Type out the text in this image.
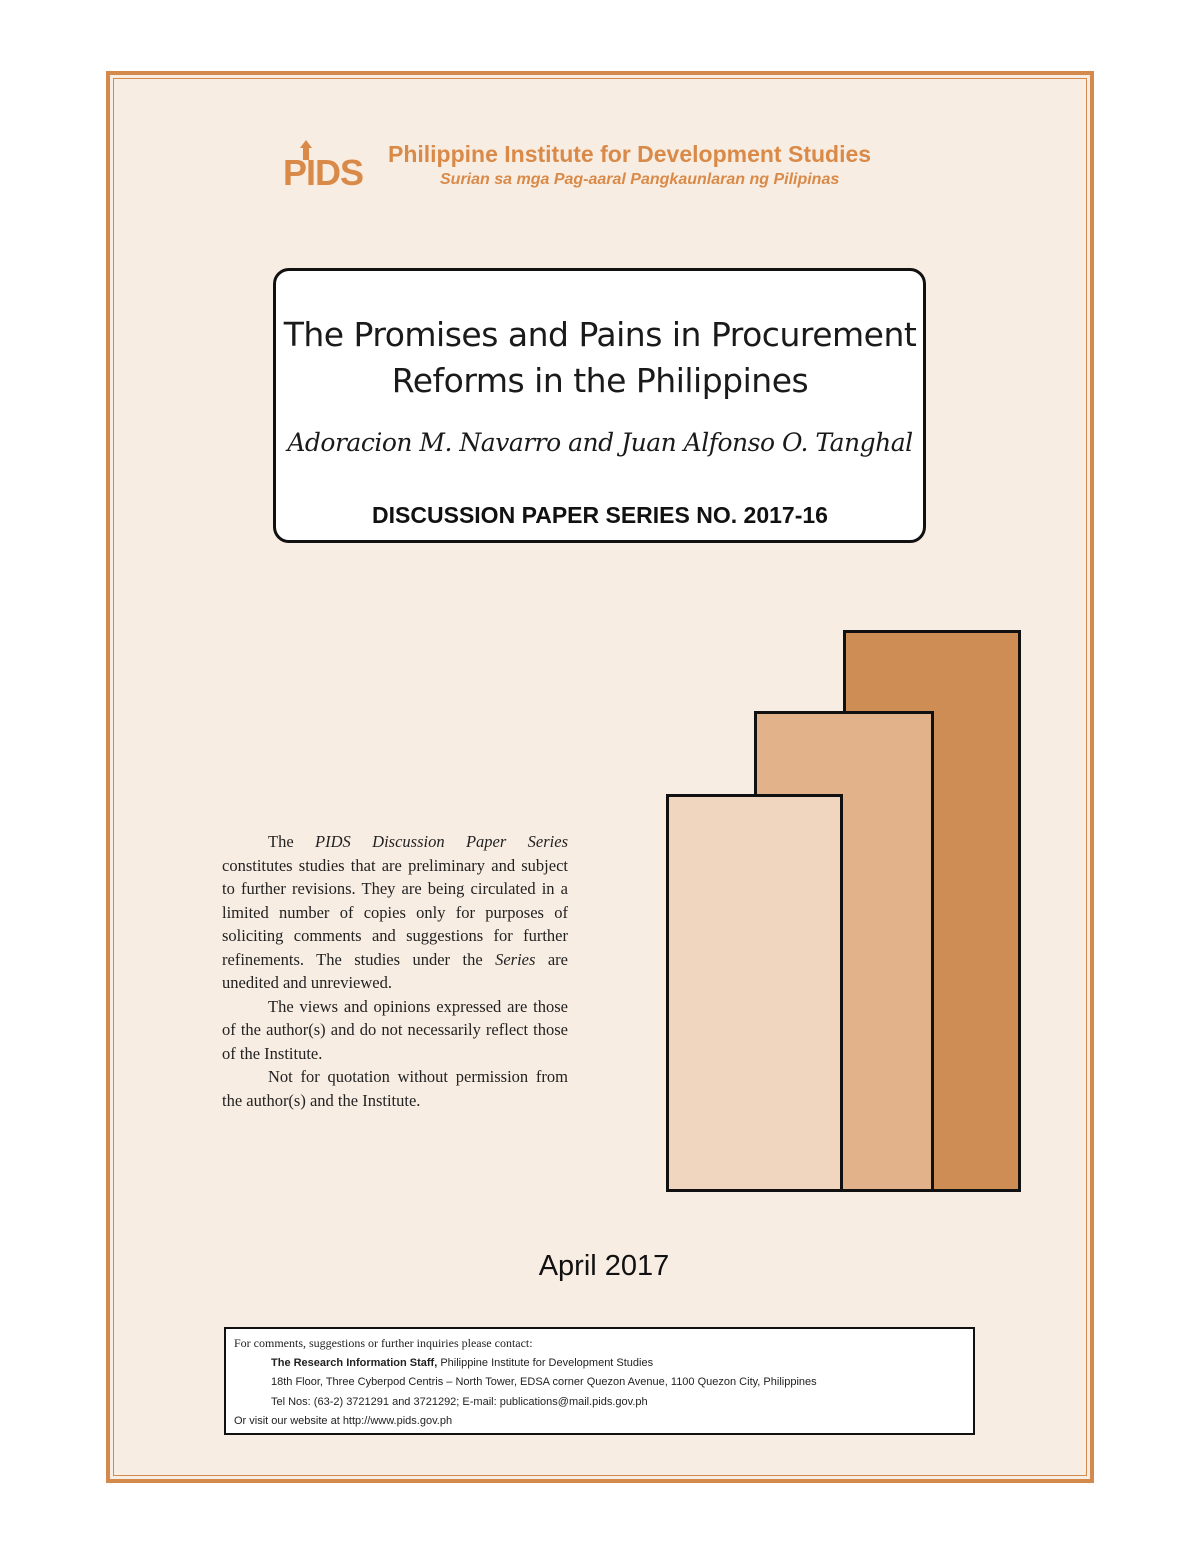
PIDS Philippine Institute for Development Studies
Surian sa mga Pag-aaral Pangkaunlaran ng Pilipinas
The Promises and Pains in Procurement
Reforms in the Philippines
Adoracion M. Navarro and Juan Alfonso O. Tanghal
DISCUSSION PAPER SERIES NO. 2017-16

The PIDS Discussion Paper Series constitutes studies that are preliminary and subject to further revisions. They are being circulated in a limited number of copies only for purposes of soliciting comments and suggestions for further refinements. The studies under the Series are unedited and unreviewed.

The views and opinions expressed are those of the author(s) and do not necessarily reflect those of the Institute.

Not for quotation without permission from the author(s) and the Institute.

April 2017
For comments, suggestions or further inquiries please contact:
The Research Information Staff, Philippine Institute for Development Studies
18th Floor, Three Cyberpod Centris – North Tower, EDSA corner Quezon Avenue, 1100 Quezon City, Philippines
Tel Nos: (63-2) 3721291 and 3721292; E-mail: publications@mail.pids.gov.ph
Or visit our website at http://www.pids.gov.ph
